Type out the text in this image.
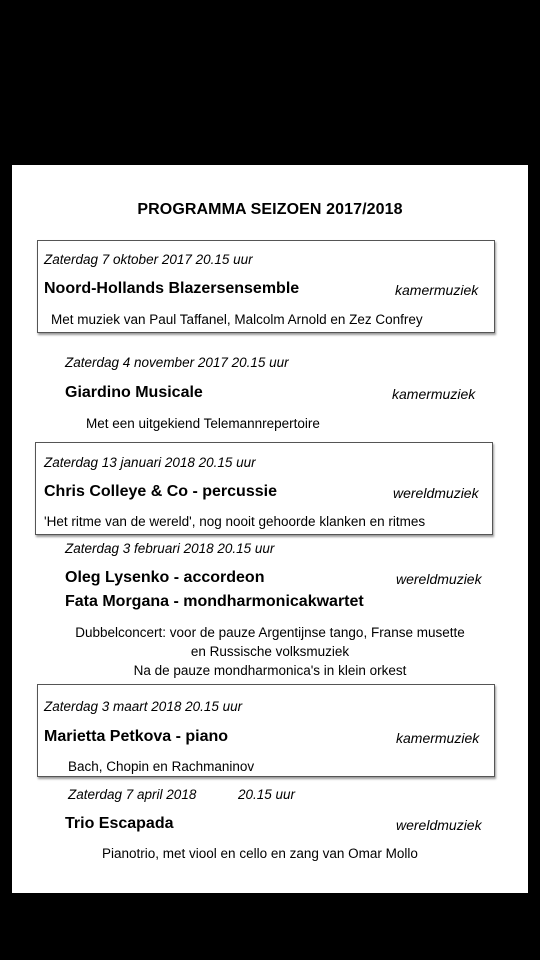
PROGRAMMA SEIZOEN 2017/2018
Zaterdag 7 oktober 2017 20.15 uur
Noord-Hollands Blazersensemble	kamermuziek
Met muziek van Paul Taffanel, Malcolm Arnold en Zez Confrey
Zaterdag 4 november 2017 20.15 uur
Giardino Musicale	kamermuziek
Met een uitgekiend Telemannrepertoire
Zaterdag 13 januari 2018 20.15 uur
Chris Colleye & Co - percussie	wereldmuziek
'Het ritme van de wereld', nog nooit gehoorde klanken en ritmes
Zaterdag 3 februari 2018 20.15 uur
Oleg Lysenko - accordeon	wereldmuziek
Fata Morgana - mondharmonicakwartet
Dubbelconcert: voor de pauze Argentijnse tango, Franse musette
en Russische volksmuziek
Na de pauze mondharmonica's in klein orkest
Zaterdag 3 maart 2018 20.15 uur
Marietta Petkova - piano	kamermuziek
Bach, Chopin en Rachmaninov
Zaterdag 7 april 2018	20.15 uur
Trio Escapada	wereldmuziek
Pianotrio, met viool en cello en zang van Omar Mollo
